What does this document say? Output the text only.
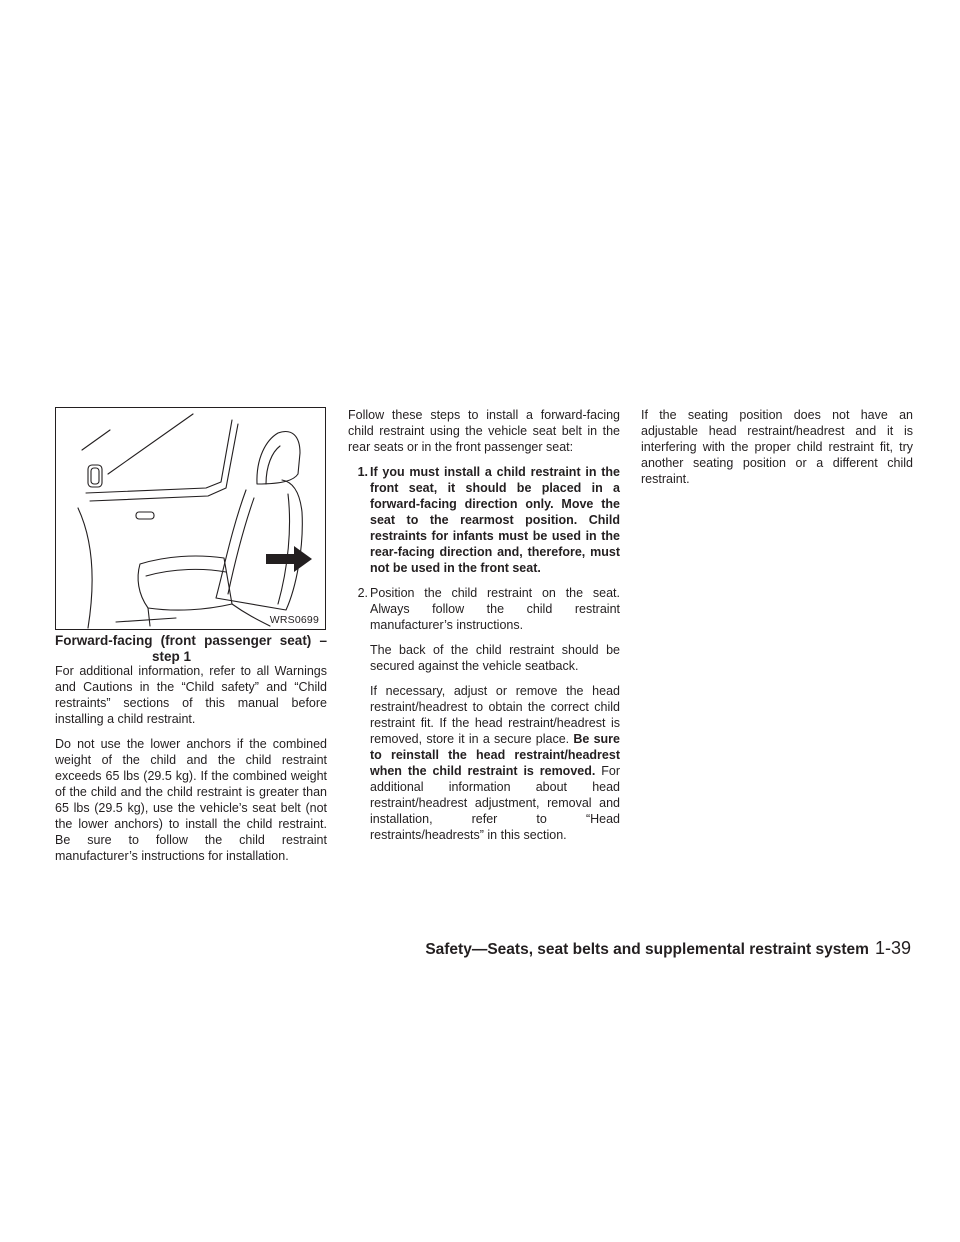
WRS0699
Forward-facing (front passenger seat) –
step 1

For additional information, refer to all Warnings and Cautions in the “Child safety” and “Child restraints” sections of this manual before installing a child restraint.

Do not use the lower anchors if the combined weight of the child and the child restraint exceeds 65 lbs (29.5 kg). If the combined weight of the child and the child restraint is greater than 65 lbs (29.5 kg), use the vehicle’s seat belt (not the lower anchors) to install the child restraint. Be sure to follow the child restraint manufacturer’s instructions for installation.

Follow these steps to install a forward-facing child restraint using the vehicle seat belt in the rear seats or in the front passenger seat:

1. If you must install a child restraint in the front seat, it should be placed in a forward-facing direction only. Move the seat to the rearmost position. Child restraints for infants must be used in the rear-facing direction and, therefore, must not be used in the front seat.
2. Position the child restraint on the seat. Always follow the child restraint manufacturer’s instructions.

The back of the child restraint should be secured against the vehicle seatback.

If necessary, adjust or remove the head restraint/headrest to obtain the correct child restraint fit. If the head restraint/headrest is removed, store it in a secure place. Be sure to reinstall the head restraint/headrest when the child restraint is removed. For additional information about head restraint/headrest adjustment, removal and installation, refer to “Head restraints/headrests” in this section.

If the seating position does not have an adjustable head restraint/headrest and it is interfering with the proper child restraint fit, try another seating position or a different child restraint.

Safety—Seats, seat belts and supplemental restraint system 1-39
